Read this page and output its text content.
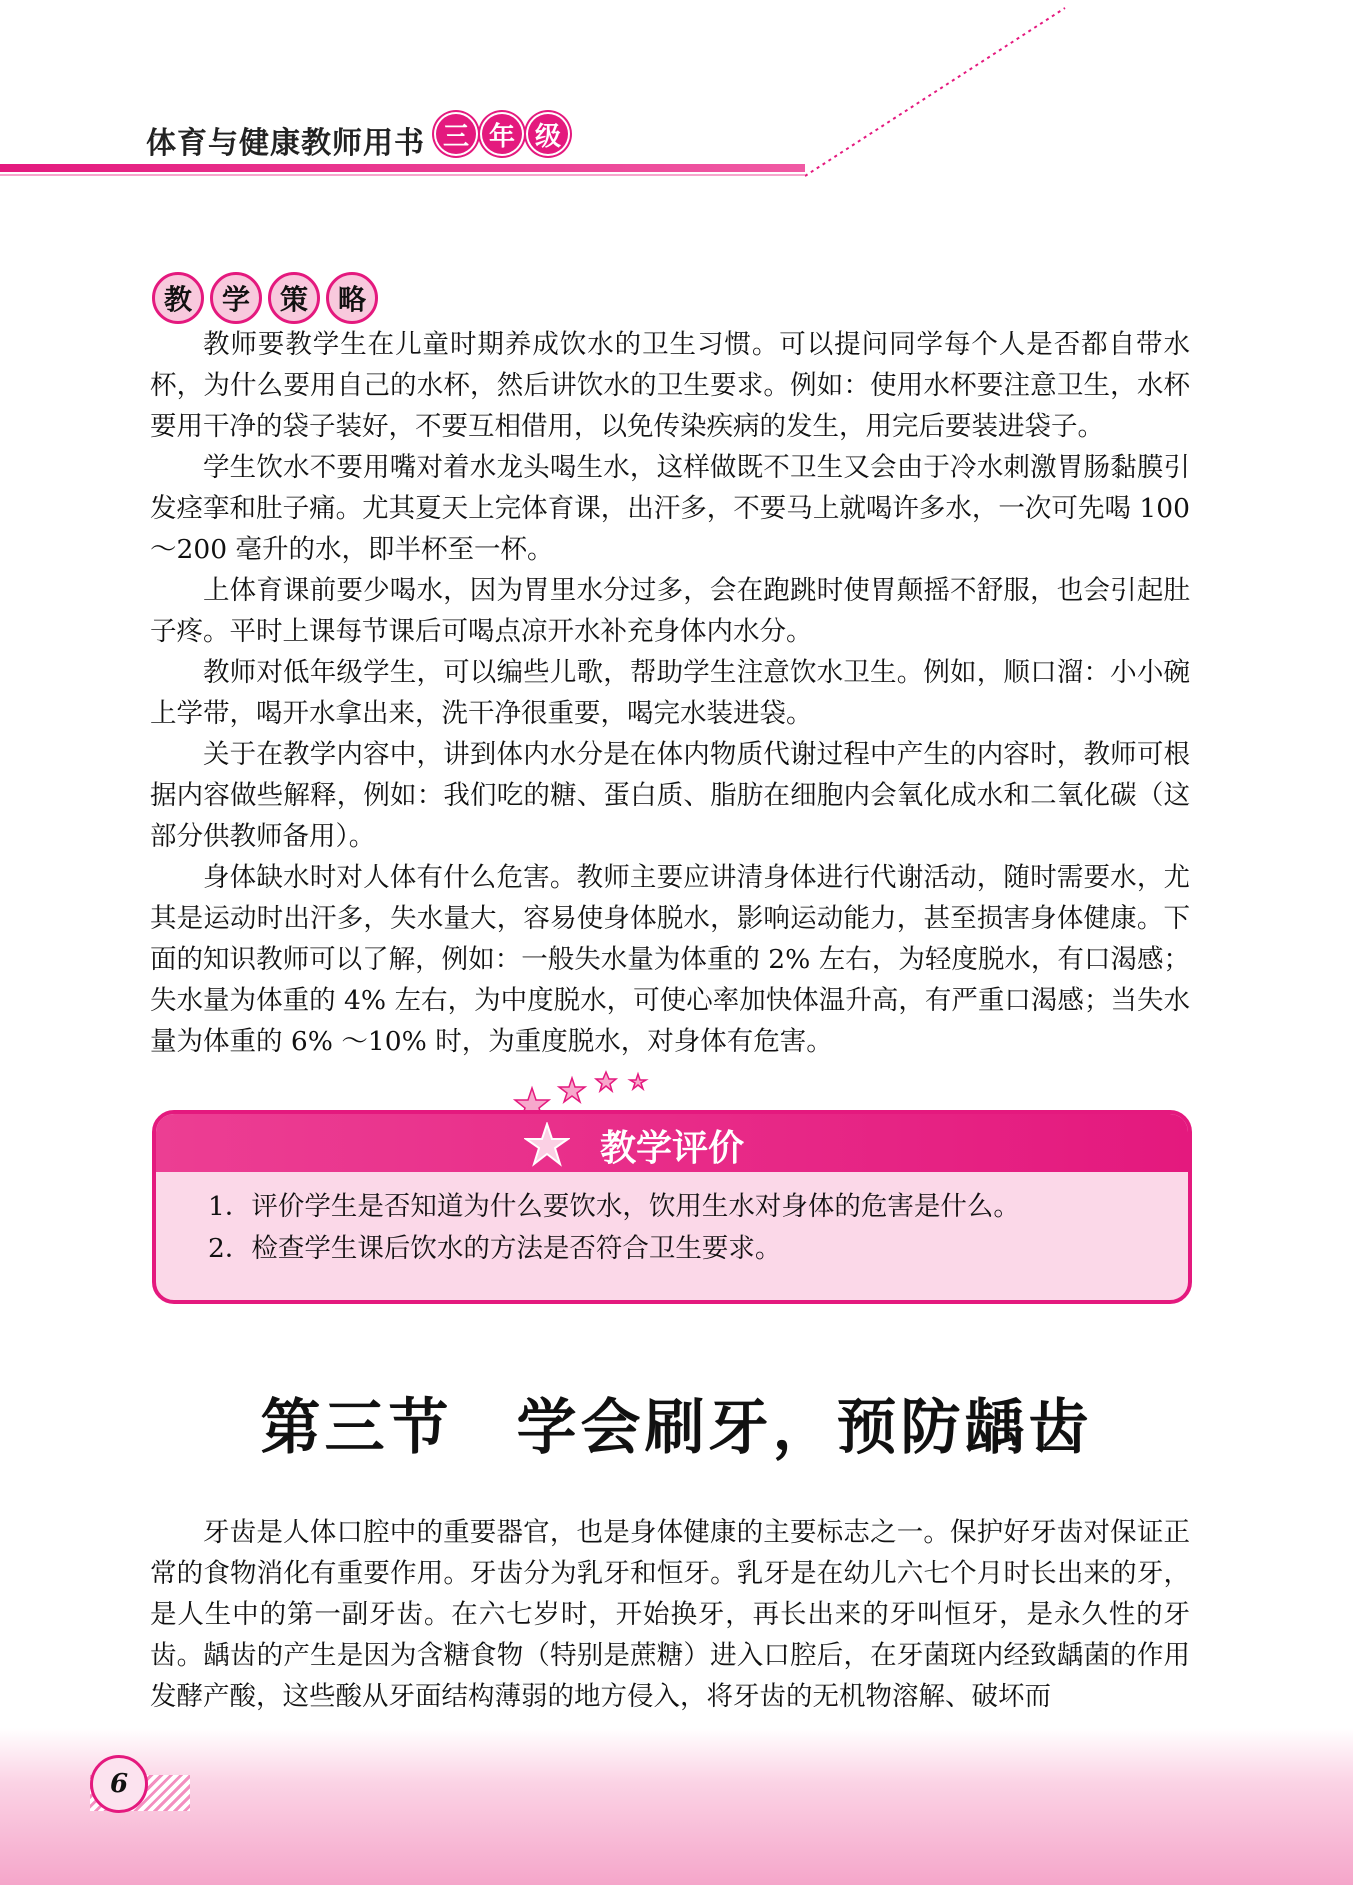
体育与健康教师用书 三 年 级
教	学	策	略

教师要教学生在儿童时期养成饮水的卫生习惯。可以提问同学每个人是否都自带水杯，为什么要用自己的水杯，然后讲饮水的卫生要求。例如：使用水杯要注意卫生，水杯要用干净的袋子装好，不要互相借用，以免传染疾病的发生，用完后要装进袋子。

学生饮水不要用嘴对着水龙头喝生水，这样做既不卫生又会由于冷水刺激胃肠黏膜引发痉挛和肚子痛。尤其夏天上完体育课，出汗多，不要马上就喝许多水，一次可先喝 100～200 毫升的水，即半杯至一杯。

上体育课前要少喝水，因为胃里水分过多，会在跑跳时使胃颠摇不舒服，也会引起肚子疼。平时上课每节课后可喝点凉开水补充身体内水分。

教师对低年级学生，可以编些儿歌，帮助学生注意饮水卫生。例如，顺口溜：小小碗上学带，喝开水拿出来，洗干净很重要，喝完水装进袋。

关于在教学内容中，讲到体内水分是在体内物质代谢过程中产生的内容时，教师可根据内容做些解释，例如：我们吃的糖、蛋白质、脂肪在细胞内会氧化成水和二氧化碳（这部分供教师备用）。

身体缺水时对人体有什么危害。教师主要应讲清身体进行代谢活动，随时需要水，尤其是运动时出汗多，失水量大，容易使身体脱水，影响运动能力，甚至损害身体健康。下面的知识教师可以了解，例如：一般失水量为体重的 2% 左右，为轻度脱水，有口渴感；失水量为体重的 4% 左右，为中度脱水，可使心率加快体温升高，有严重口渴感；当失水量为体重的 6% ～10% 时，为重度脱水，对身体有危害。

教学评价
1．评价学生是否知道为什么要饮水，饮用生水对身体的危害是什么。
2．检查学生课后饮水的方法是否符合卫生要求。
第三节　学会刷牙，预防龋齿

牙齿是人体口腔中的重要器官，也是身体健康的主要标志之一。保护好牙齿对保证正常的食物消化有重要作用。牙齿分为乳牙和恒牙。乳牙是在幼儿六七个月时长出来的牙，是人生中的第一副牙齿。在六七岁时，开始换牙，再长出来的牙叫恒牙，是永久性的牙齿。龋齿的产生是因为含糖食物（特别是蔗糖）进入口腔后，在牙菌斑内经致龋菌的作用发酵产酸，这些酸从牙面结构薄弱的地方侵入，将牙齿的无机物溶解、破坏而

6
